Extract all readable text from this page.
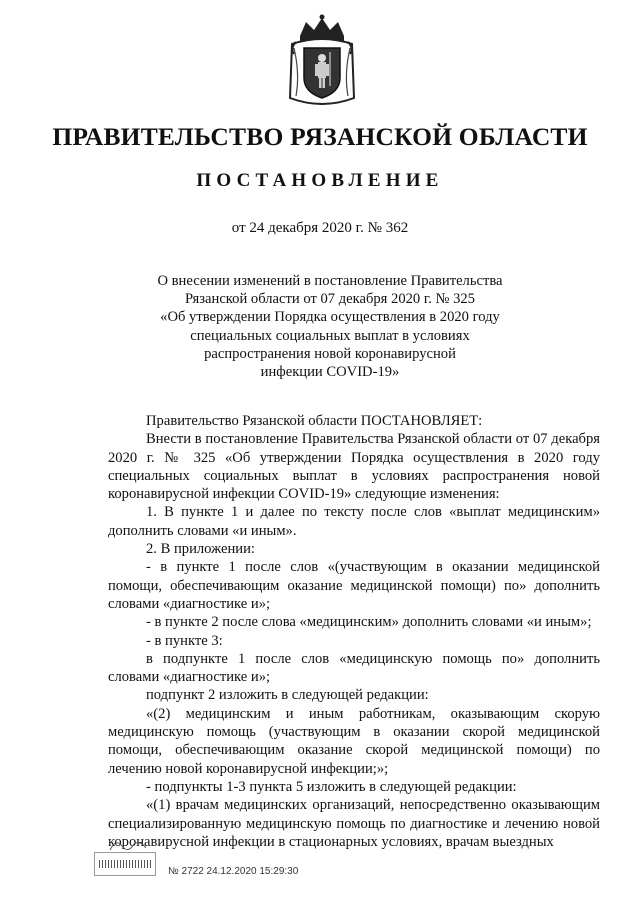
ПРАВИТЕЛЬСТВО РЯЗАНСКОЙ ОБЛАСТИ
ПОСТАНОВЛЕНИЕ
от 24 декабря 2020 г. № 362
О внесении изменений в постановление Правительства
Рязанской области от 07 декабря 2020 г. № 325
«Об утверждении Порядка осуществления в 2020 году
специальных социальных выплат в условиях
распространения новой коронавирусной
инфекции COVID-19»

Правительство Рязанской области ПОСТАНОВЛЯЕТ:

Внести в постановление Правительства Рязанской области от 07 декабря 2020 г. № 325 «Об утверждении Порядка осуществления в 2020 году специальных социальных выплат в условиях распространения новой коронавирусной инфекции COVID-19» следующие изменения:

1. В пункте 1 и далее по тексту после слов «выплат медицинским» дополнить словами «и иным».

2. В приложении:

- в пункте 1 после слов «(участвующим в оказании медицинской помощи, обеспечивающим оказание медицинской помощи) по» дополнить словами «диагностике и»;

- в пункте 2 после слова «медицинским» дополнить словами «и иным»;

- в пункте 3:

в подпункте 1 после слов «медицинскую помощь по» дополнить словами «диагностике и»;

подпункт 2 изложить в следующей редакции:

«(2) медицинским и иным работникам, оказывающим скорую медицинскую помощь (участвующим в оказании скорой медицинской помощи, обеспечивающим оказание скорой медицинской помощи) по лечению новой коронавирусной инфекции;»;

- подпункты 1-3 пункта 5 изложить в следующей редакции:

«(1) врачам медицинских организаций, непосредственно оказывающим специализированную медицинскую помощь по диагностике и лечению новой коронавирусной инфекции в стационарных условиях, врачам выездных

№ 2722 24.12.2020 15:29:30
